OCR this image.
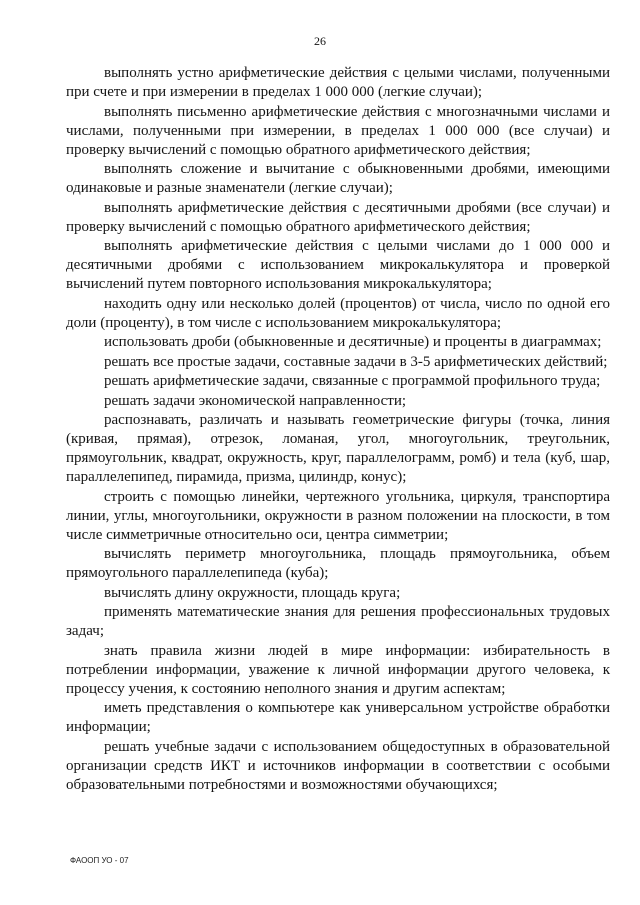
26

выполнять устно арифметические действия с целыми числами, полученными при счете и при измерении в пределах 1 000 000 (легкие случаи);

выполнять письменно арифметические действия с многозначными числами и числами, полученными при измерении, в пределах 1 000 000 (все случаи) и проверку вычислений с помощью обратного арифметического действия;

выполнять сложение и вычитание с обыкновенными дробями, имеющими одинаковые и разные знаменатели (легкие случаи);

выполнять арифметические действия с десятичными дробями (все случаи) и проверку вычислений с помощью обратного арифметического действия;

выполнять арифметические действия с целыми числами до 1 000 000 и десятичными дробями с использованием микрокалькулятора и проверкой вычислений путем повторного использования микрокалькулятора;

находить одну или несколько долей (процентов) от числа, число по одной его доли (проценту), в том числе с использованием микрокалькулятора;

использовать дроби (обыкновенные и десятичные) и проценты в диаграммах;

решать все простые задачи, составные задачи в 3-5 арифметических действий;

решать арифметические задачи, связанные с программой профильного труда;

решать задачи экономической направленности;

распознавать, различать и называть геометрические фигуры (точка, линия (кривая, прямая), отрезок, ломаная, угол, многоугольник, треугольник, прямоугольник, квадрат, окружность, круг, параллелограмм, ромб) и тела (куб, шар, параллелепипед, пирамида, призма, цилиндр, конус);

строить с помощью линейки, чертежного угольника, циркуля, транспортира линии, углы, многоугольники, окружности в разном положении на плоскости, в том числе симметричные относительно оси, центра симметрии;

вычислять периметр многоугольника, площадь прямоугольника, объем прямоугольного параллелепипеда (куба);

вычислять длину окружности, площадь круга;

применять математические знания для решения профессиональных трудовых задач;

знать правила жизни людей в мире информации: избирательность в потреблении информации, уважение к личной информации другого человека, к процессу учения, к состоянию неполного знания и другим аспектам;

иметь представления о компьютере как универсальном устройстве обработки информации;

решать учебные задачи с использованием общедоступных в образовательной организации средств ИКТ и источников информации в соответствии с особыми образовательными потребностями и возможностями обучающихся;

ФАООП УО - 07
